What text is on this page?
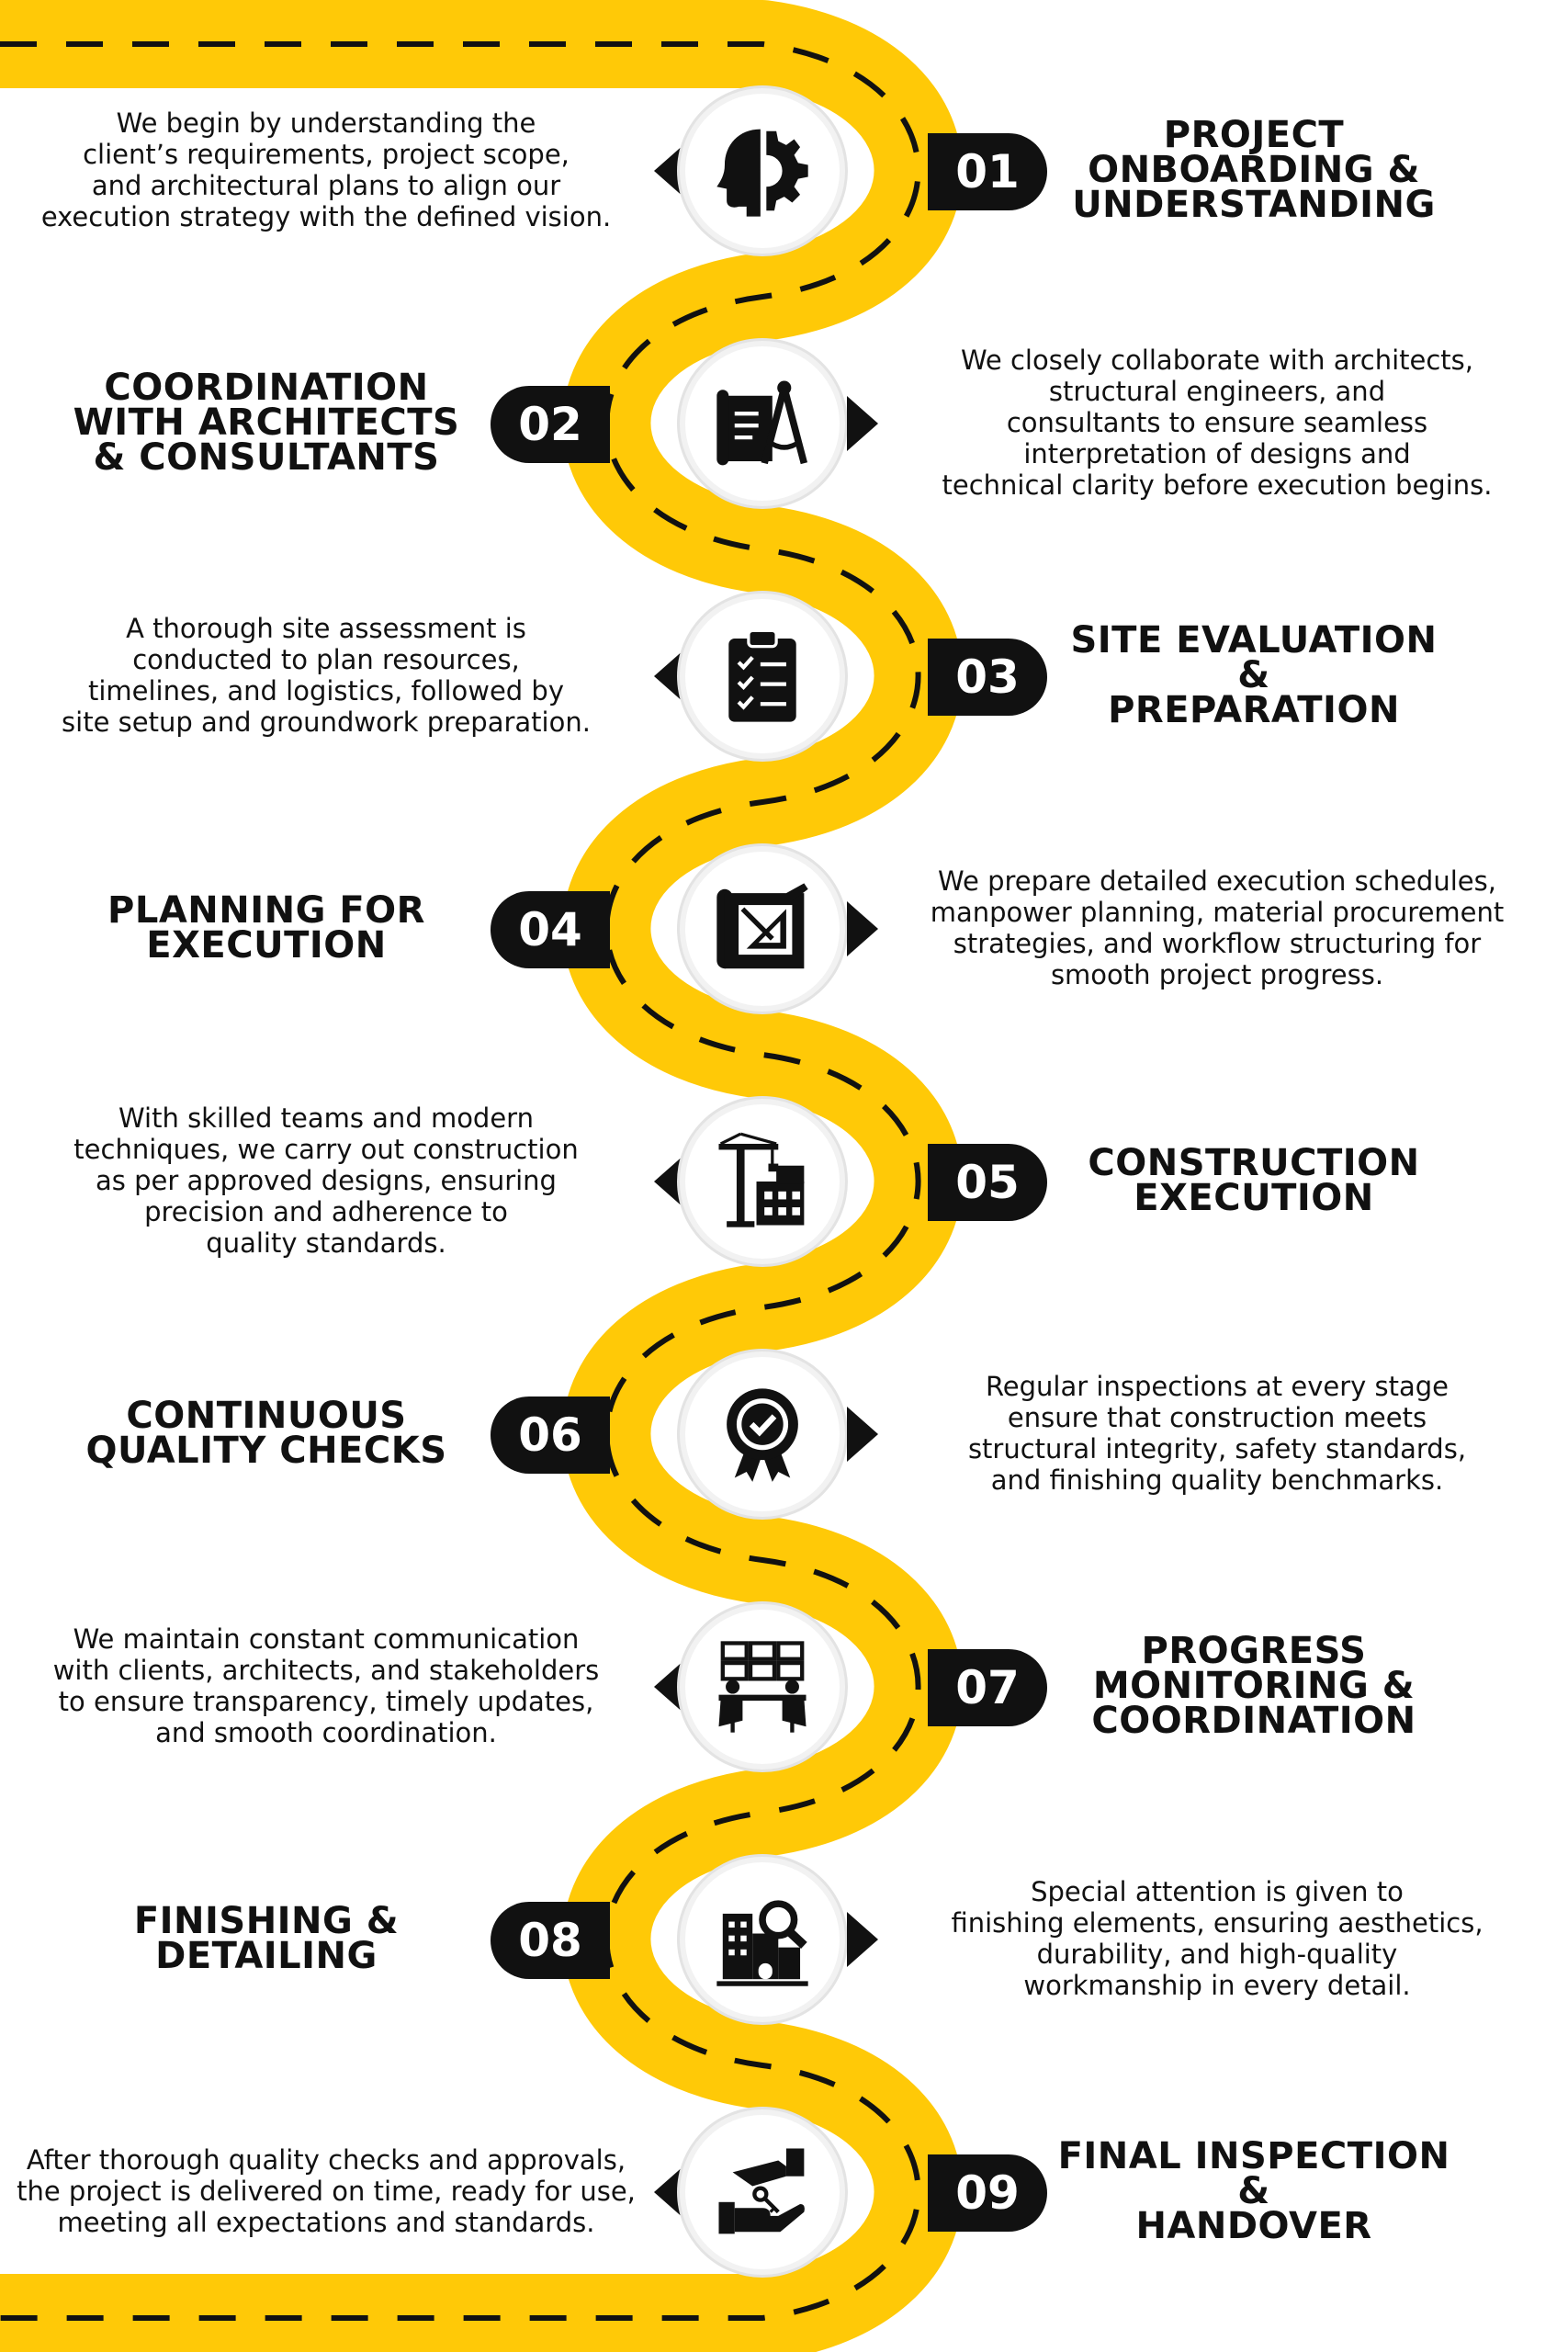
We begin by understanding the
client’s requirements, project scope,
and architectural plans to align our
execution strategy with the defined vision.
01
PROJECT
ONBOARDING &
UNDERSTANDING
COORDINATION
WITH ARCHITECTS
& CONSULTANTS
02
We closely collaborate with architects,
structural engineers, and
consultants to ensure seamless
interpretation of designs and
technical clarity before execution begins.
A thorough site assessment is
conducted to plan resources,
timelines, and logistics, followed by
site setup and groundwork preparation.
03
SITE EVALUATION &
PREPARATION
PLANNING FOR
EXECUTION	04
We prepare detailed execution schedules,
manpower planning, material procurement
strategies, and workflow structuring for
smooth project progress.
With skilled teams and modern
techniques, we carry out construction
as per approved designs, ensuring
precision and adherence to
quality standards.
05	CONSTRUCTION
EXECUTION
CONTINUOUS
QUALITY CHECKS	06
Regular inspections at every stage
ensure that construction meets
structural integrity, safety standards,
and finishing quality benchmarks.
We maintain constant communication
with clients, architects, and stakeholders
to ensure transparency, timely updates,
and smooth coordination.
07
PROGRESS
MONITORING &
COORDINATION
FINISHING &
DETAILING	08
Special attention is given to
finishing elements, ensuring aesthetics,
durability, and high-quality
workmanship in every detail.
After thorough quality checks and approvals,
the project is delivered on time, ready for use,
meeting all expectations and standards.
09
FINAL INSPECTION &
HANDOVER
